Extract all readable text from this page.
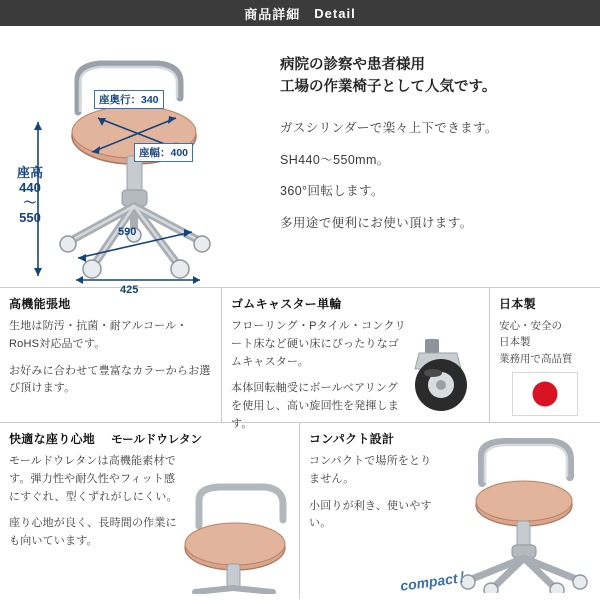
商品詳細 Detail
座奥行：340
座幅：400
座高
440
〜
550
590
425

病院の診察や患者様用
工場の作業椅子として人気です。

ガスシリンダーで楽々上下できます。

SH440〜550mm。

360°回転します。

多用途で便利にお使い頂けます。

高機能張地

生地は防汚・抗菌・耐アルコール・RoHS対応品です。

お好みに合わせて豊富なカラーからお選び頂けます。

ゴムキャスター単輪

フローリング・Pタイル・コンクリート床など硬い床にぴったりなゴムキャスター。

本体回転軸受にボールベアリングを使用し、高い旋回性を発揮します。

日本製
安心・安全の
日本製
業務用で高品質
快適な座り心地 モールドウレタン

モールドウレタンは高機能素材です。弾力性や耐久性やフィット感にすぐれ、型くずれがしにくい。

座り心地が良く、長時間の作業にも向いています。

コンパクト設計

コンパクトで場所をとりません。

小回りが利き、使いやすい。

compact！
